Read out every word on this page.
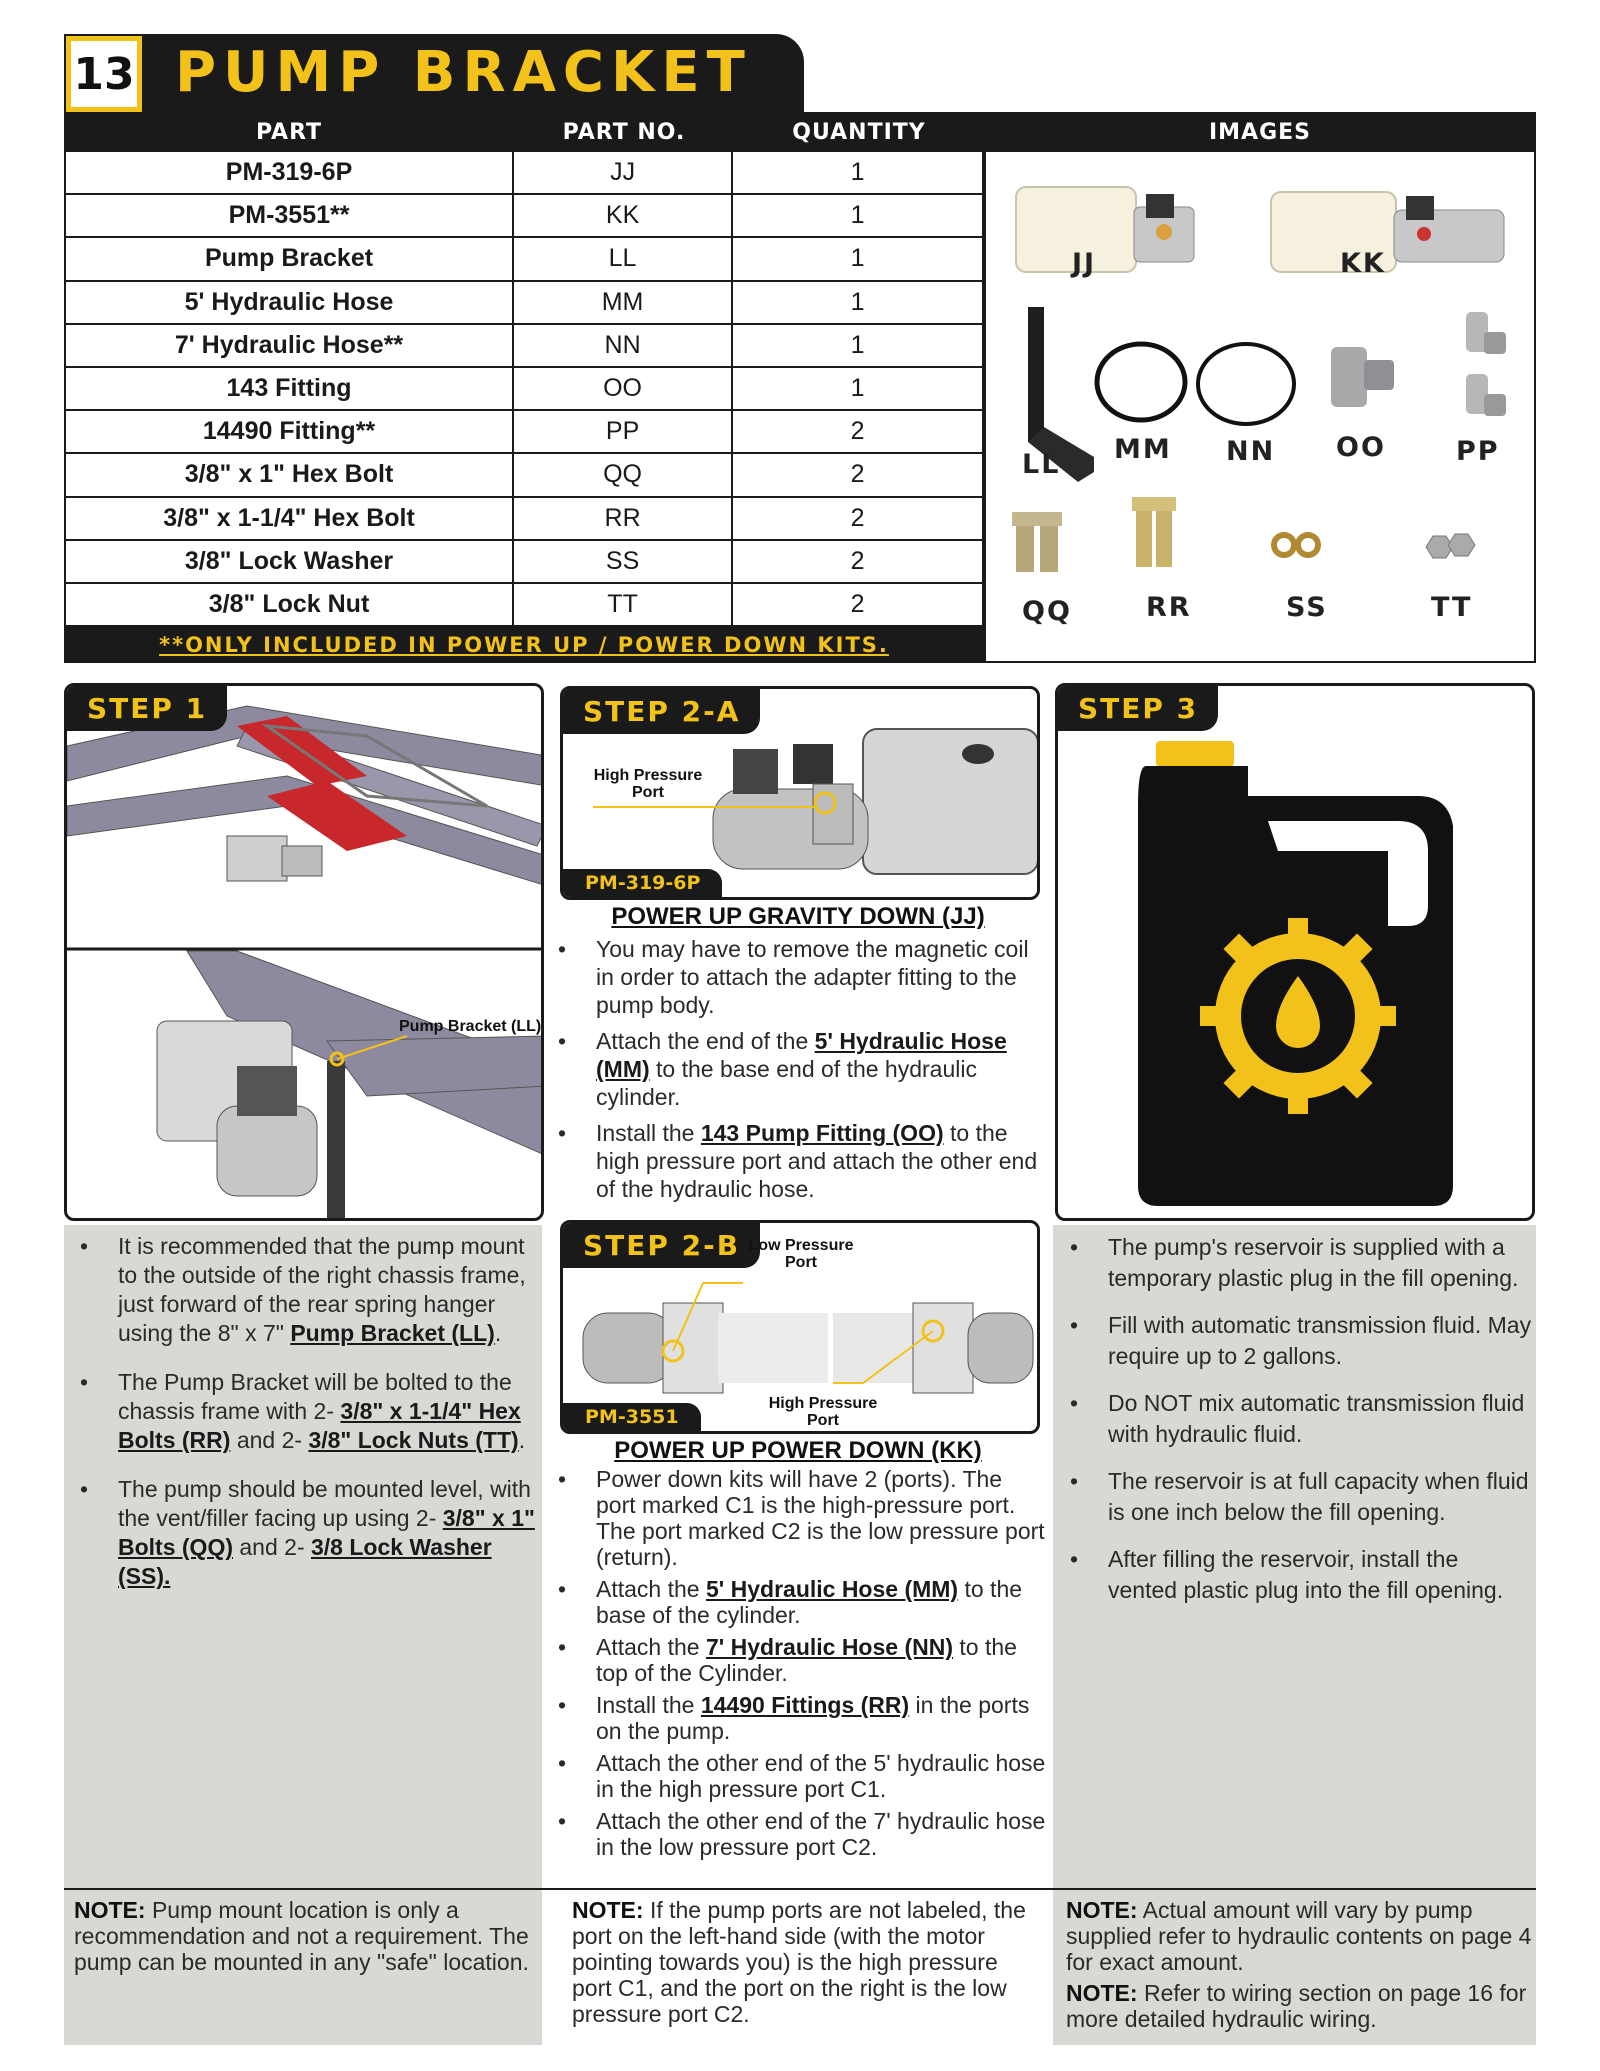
13 PUMP BRACKET
PART	PART NO.	QUANTITY	IMAGES
PM-319-6P	JJ	1
PM-3551**	KK	1
Pump Bracket	LL	1
5' Hydraulic Hose	MM	1
7' Hydraulic Hose**	NN	1
143 Fitting	OO	1
14490 Fitting**	PP	2
3/8" x 1" Hex Bolt	QQ	2
3/8" x 1-1/4" Hex Bolt	RR	2
3/8" Lock Washer	SS	2
3/8" Lock Nut	TT	2
**ONLY INCLUDED IN POWER UP / POWER DOWN KITS.
JJ	KK
LL MM NN OO	PP
QQ	RR	SS	TT
STEP 1
Pump Bracket (LL)
• It is recommended that the pump mount to the outside of the right chassis frame, just forward of the rear spring hanger using the 8" x 7" Pump Bracket (LL).
• The Pump Bracket will be bolted to the chassis frame with 2- 3/8" x 1-1/4" Hex Bolts (RR) and 2- 3/8" Lock Nuts (TT).
• The pump should be mounted level, with the vent/filler facing up using 2- 3/8" x 1" Bolts (QQ) and 2- 3/8 Lock Washer (SS).
NOTE: Pump mount location is only a recommendation and not a requirement. The pump can be mounted in any "safe" location.
STEP 2-A
High Pressure Port
PM-319-6P
POWER UP GRAVITY DOWN (JJ)
• You may have to remove the magnetic coil in order to attach the adapter fitting to the pump body.
• Attach the end of the 5' Hydraulic Hose (MM) to the base end of the hydraulic cylinder.
• Install the 143 Pump Fitting (OO) to the high pressure port and attach the other end of the hydraulic hose.
STEP 2-B Low Pressure Port
High Pressure Port
PM-3551
POWER UP POWER DOWN (KK)
• Power down kits will have 2 (ports). The port marked C1 is the high-pressure port. The port marked C2 is the low pressure port (return).
• Attach the 5' Hydraulic Hose (MM) to the base of the cylinder.
• Attach the 7' Hydraulic Hose (NN) to the top of the Cylinder.
• Install the 14490 Fittings (RR) in the ports on the pump.
• Attach the other end of the 5' hydraulic hose in the high pressure port C1.
• Attach the other end of the 7' hydraulic hose in the low pressure port C2.
NOTE: If the pump ports are not labeled, the port on the left-hand side (with the motor pointing towards you) is the high pressure port C1, and the port on the right is the low pressure port C2.
STEP 3
• The pump's reservoir is supplied with a temporary plastic plug in the fill opening.
• Fill with automatic transmission fluid. May require up to 2 gallons.
• Do NOT mix automatic transmission fluid with hydraulic fluid.
• The reservoir is at full capacity when fluid is one inch below the fill opening.
• After filling the reservoir, install the vented plastic plug into the fill opening.
NOTE: Actual amount will vary by pump supplied refer to hydraulic contents on page 4 for exact amount.
NOTE: Refer to wiring section on page 16 for more detailed hydraulic wiring.
